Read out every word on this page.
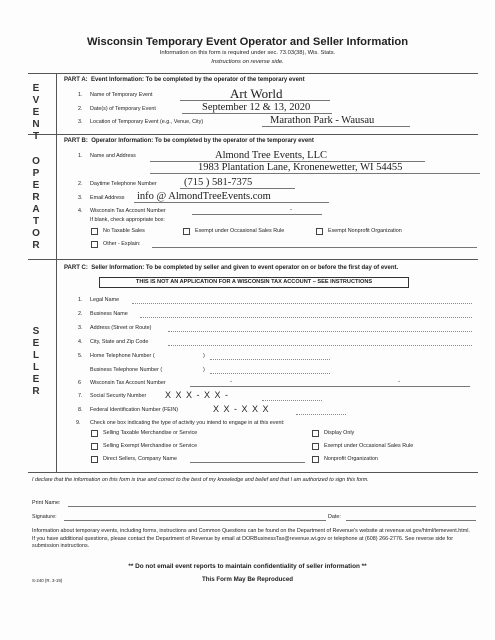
Wisconsin Temporary Event Operator and Seller Information
Information on this form is required under sec. 73.03(38), Wis. Stats.
Instructions on reverse side.
E
V
E
N
T
O
P
E
R
A
T
O
R
S
E
L
L
E
R
PART A: Event Information: To be completed by the operator of the temporary event
1. Name of Temporary Event	Art World
2. Date(s) of Temporary Event	September 12 & 13, 2020
3. Location of Temporary Event (e.g., Venue, City)	Marathon Park - Wausau
PART B: Operator Information: To be completed by the operator of the temporary event
1. Name and Address	Almond Tree Events, LLC
1983 Plantation Lane, Kronenewetter, WI 54455
2. Daytime Telephone Number	(715 ) 581-7375
3. Email Address info @ AlmondTreeEvents.com
4. Wisconsin Tax Account Number	-
If blank, check appropriate box:
No Taxable Sales	Exempt under Occasional Sales Rule	Exempt Nonprofit Organization
Other - Explain:
PART C: Seller Information: To be completed by seller and given to event operator on or before the first day of event.
THIS IS NOT AN APPLICATION FOR A WISCONSIN TAX ACCOUNT – SEE INSTRUCTIONS
1. Legal Name
2. Business Name
3. Address (Street or Route)
4. City, State and Zip Code
5. Home Telephone Number (	)
Business Telephone Number (	)
6 Wisconsin Tax Account Number	-	-
7. Social Security Number X X X - X X -
8. Federal Identification Number (FEIN)	X X - X X X
9. Check one box indicating the type of activity you intend to engage in at this event:
Selling Taxable Merchandise or Service	Display Only
Selling Exempt Merchandise or Service	Exempt under Occasional Sales Rule
Direct Sellers, Company Name	Nonprofit Organization
I declare that the information on this form is true and correct to the best of my knowledge and belief and that I am authorized to sign this form.
Print Name:
Signature:	Date:
Information about temporary events, including forms, instructions and Common Questions can be found on the Department of Revenue's website at revenue.wi.gov/html/temevent.html. If you have additional questions, please contact the Department of Revenue by email at DORBusinessTax@revenue.wi.gov or telephone at (608) 266-2776. See reverse side for submission instructions.
** Do not email event reports to maintain confidentiality of seller information **
S-240 (R. 3-19)	This Form May Be Reproduced
